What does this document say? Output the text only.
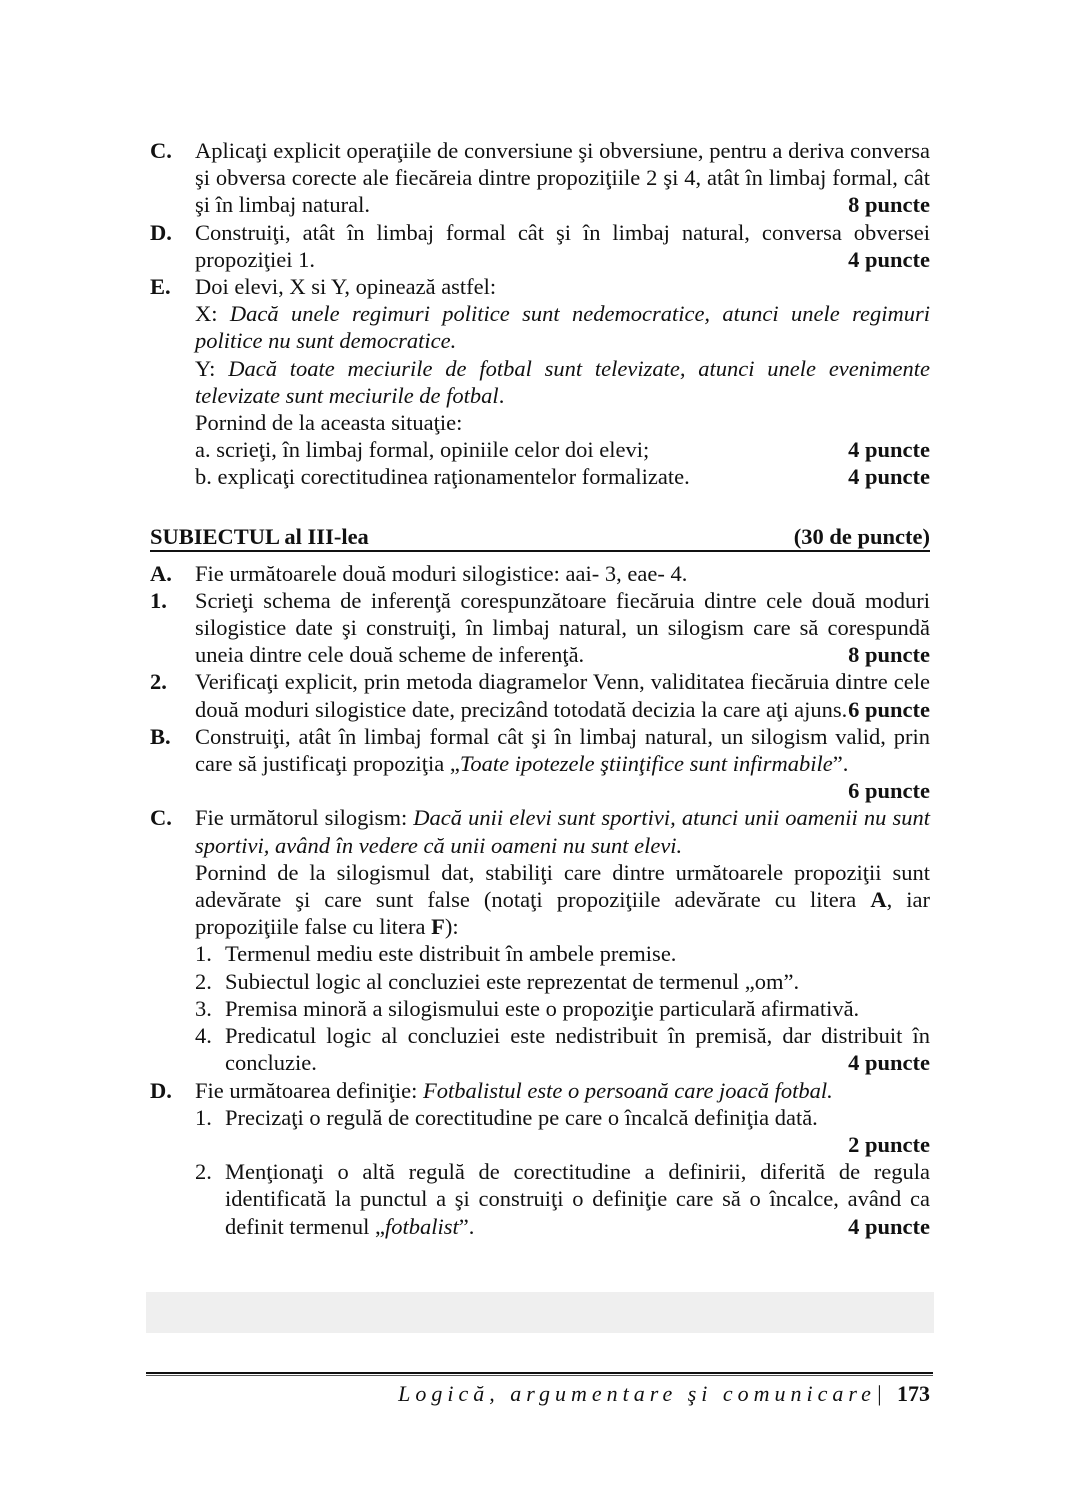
C.	Aplicaţi explicit operaţiile de conversiune şi obversiune, pentru a deriva conversa şi obversa corecte ale fiecăreia dintre propoziţiile 2 şi 4, atât în limbaj formal, cât şi în limbaj natural.	8 puncte
D.	Construiţi, atât în limbaj formal cât şi în limbaj natural, conversa obversei propoziţiei 1.	4 puncte
E.	Doi elevi, X si Y, opinează astfel:
X: Dacă unele regimuri politice sunt nedemocratice, atunci unele regimuri politice nu sunt democratice.
Y: Dacă toate meciurile de fotbal sunt televizate, atunci unele evenimente televizate sunt meciurile de fotbal.
Pornind de la aceasta situaţie:
a. scrieţi, în limbaj formal, opiniile celor doi elevi;	4 puncte
b. explicaţi corectitudinea raţionamentelor formalizate.	4 puncte
SUBIECTUL al III-lea	(30 de puncte)
A.	Fie următoarele două moduri silogistice: aai- 3, eae- 4.
1.	Scrieţi schema de inferenţă corespunzătoare fiecăruia dintre cele două moduri silogistice date şi construiţi, în limbaj natural, un silogism care să corespundă uneia dintre cele două scheme de inferenţă.	8 puncte
2.	Verificaţi explicit, prin metoda diagramelor Venn, validitatea fiecăruia dintre cele două moduri silogistice date, precizând totodată decizia la care aţi ajuns. 6 puncte
B.	Construiţi, atât în limbaj formal cât şi în limbaj natural, un silogism valid, prin care să justificaţi propoziţia „Toate ipotezele ştiinţifice sunt infirmabile”.
6 puncte
C.	Fie următorul silogism: Dacă unii elevi sunt sportivi, atunci unii oamenii nu sunt sportivi, având în vedere că unii oameni nu sunt elevi.
Pornind de la silogismul dat, stabiliţi care dintre următoarele propoziţii sunt adevărate şi care sunt false (notaţi propoziţiile adevărate cu litera A, iar propoziţiile false cu litera F):
1. Termenul mediu este distribuit în ambele premise.
2. Subiectul logic al concluziei este reprezentat de termenul „om”.
3. Premisa minoră a silogismului este o propoziţie particulară afirmativă.
4. Predicatul logic al concluziei este nedistribuit în premisă, dar distribuit în concluzie.	4 puncte
D.	Fie următoarea definiţie: Fotbalistul este o persoană care joacă fotbal.
1. Precizaţi o regulă de corectitudine pe care o încalcă definiţia dată.

2 puncte
2. Menţionaţi o altă regulă de corectitudine a definirii, diferită de regula identificată la punctul a şi construiţi o definiţie care să o încalce, având ca definit termenul „fotbalist”.	4 puncte
Logică, argumentare şi comunicare| 173
